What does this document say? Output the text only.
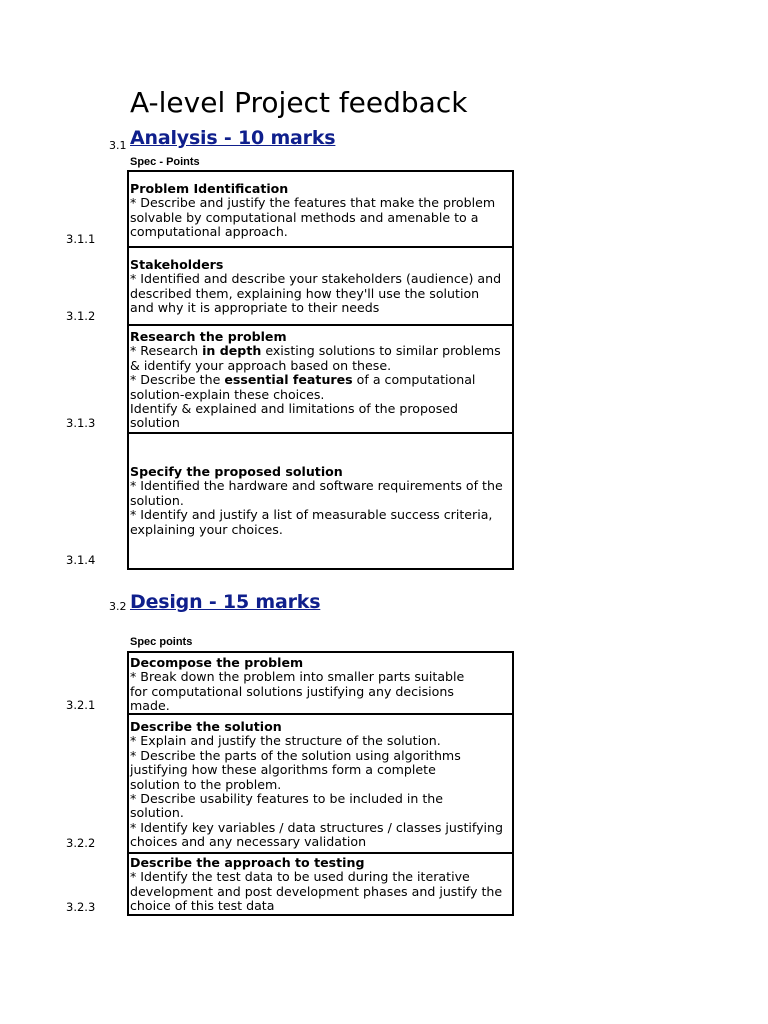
A-level Project feedback
3.1 Analysis - 10 marks
Spec - Points
Problem Identification
* Describe and justify the features that make the problem
solvable by computational methods and amenable to a
computational approach.
3.1.1
Stakeholders
* Identified and describe your stakeholders (audience) and
described them, explaining how they'll use the solution
and why it is appropriate to their needs
3.1.2
Research the problem
* Research in depth existing solutions to similar problems
& identify your approach based on these.
* Describe the essential features of a computational
solution-explain these choices.
Identify & explained and limitations of the proposed
solution
3.1.3
Specify the proposed solution
* Identified the hardware and software requirements of the
solution.
* Identify and justify a list of measurable success criteria,
explaining your choices.
3.1.4
3.2 Design - 15 marks
Spec points
Decompose the problem
* Break down the problem into smaller parts suitable
for computational solutions justifying any decisions
made.
3.2.1
Describe the solution
* Explain and justify the structure of the solution.
* Describe the parts of the solution using algorithms
justifying how these algorithms form a complete
solution to the problem.
* Describe usability features to be included in the
solution.
* Identify key variables / data structures / classes justifying
choices and any necessary validation
3.2.2
Describe the approach to testing
* Identify the test data to be used during the iterative
development and post development phases and justify the
choice of this test data
3.2.3
